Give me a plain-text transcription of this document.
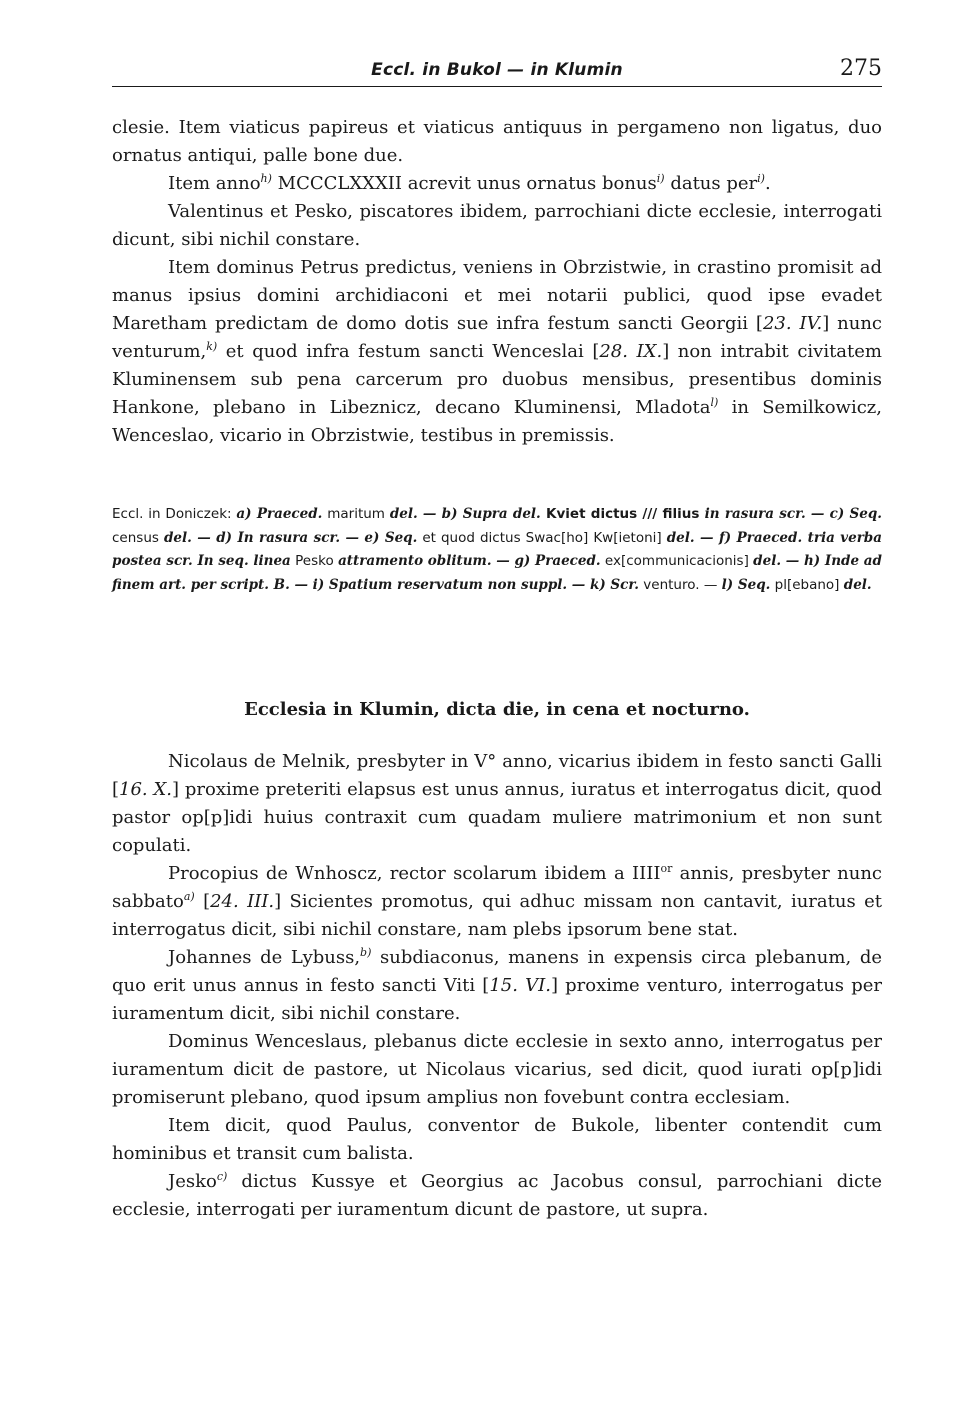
Eccl. in Bukol — in Klumin	275

clesie. Item viaticus papireus et viaticus antiquus in pergameno non ligatus, duo ornatus antiqui, palle bone due.

Item anno$^{h)}$ MCCCLXXXII acrevit unus ornatus bonus$^{i)}$ datus per$^{i)}$.

Valentinus et Pesko, piscatores ibidem, parrochiani dicte ecclesie, interrogati dicunt, sibi nichil constare.

Item dominus Petrus predictus, veniens in Obrzistwie, in crastino promisit ad manus ipsius domini archidiaconi et mei notarii publici, quod ipse evadet Maretham predictam de domo dotis sue infra festum sancti Georgii [23. IV.] nunc venturum,$^{k)}$ et quod infra festum sancti Wenceslai [28. IX.] non intrabit civitatem Kluminensem sub pena carcerum pro duobus mensibus, presentibus dominis Hankone, plebano in Libeznicz, decano Kluminensi, Mladota$^{l)}$ in Semilkowicz, Wenceslao, vicario in Obrzistwie, testibus in premissis.

Eccl. in Doniczek: a) Praeced. maritum del. — b) Supra del. Kviet dictus /// filius in rasura scr. — c) Seq. census del. — d) In rasura scr. — e) Seq. et quod dictus Swac[ho] Kw[ietoni] del. — f) Praeced. tria verba postea scr. In seq. linea Pesko attramento oblitum. — g) Praeced. ex[communicacionis] del. — h) Inde ad finem art. per script. B. — i) Spatium reservatum non suppl. — k) Scr. venturo. — l) Seq. pl[ebano] del.
Ecclesia in Klumin, dicta die, in cena et nocturno.

Nicolaus de Melnik, presbyter in V° anno, vicarius ibidem in festo sancti Galli [16. X.] proxime preteriti elapsus est unus annus, iuratus et interrogatus dicit, quod pastor op[p]idi huius contraxit cum quadam muliere matrimonium et non sunt copulati.

Procopius de Wnhoscz, rector scolarum ibidem a $IIII^{or}$ annis, presbyter nunc sabbato$^{a)}$ [24. III.] Sicientes promotus, qui adhuc missam non cantavit, iuratus et interrogatus dicit, sibi nichil constare, nam plebs ipsorum bene stat.

Johannes de Lybuss,$^{b)}$ subdiaconus, manens in expensis circa plebanum, de quo erit unus annus in festo sancti Viti [15. VI.] proxime venturo, interrogatus per iuramentum dicit, sibi nichil constare.

Dominus Wenceslaus, plebanus dicte ecclesie in sexto anno, interrogatus per iuramentum dicit de pastore, ut Nicolaus vicarius, sed dicit, quod iurati op[p]idi promiserunt plebano, quod ipsum amplius non fovebunt contra ecclesiam.

Item dicit, quod Paulus, conventor de Bukole, libenter contendit cum hominibus et transit cum balista.

Jesko$^{c)}$ dictus Kussye et Georgius ac Jacobus consul, parrochiani dicte ecclesie, interrogati per iuramentum dicunt de pastore, ut supra.
